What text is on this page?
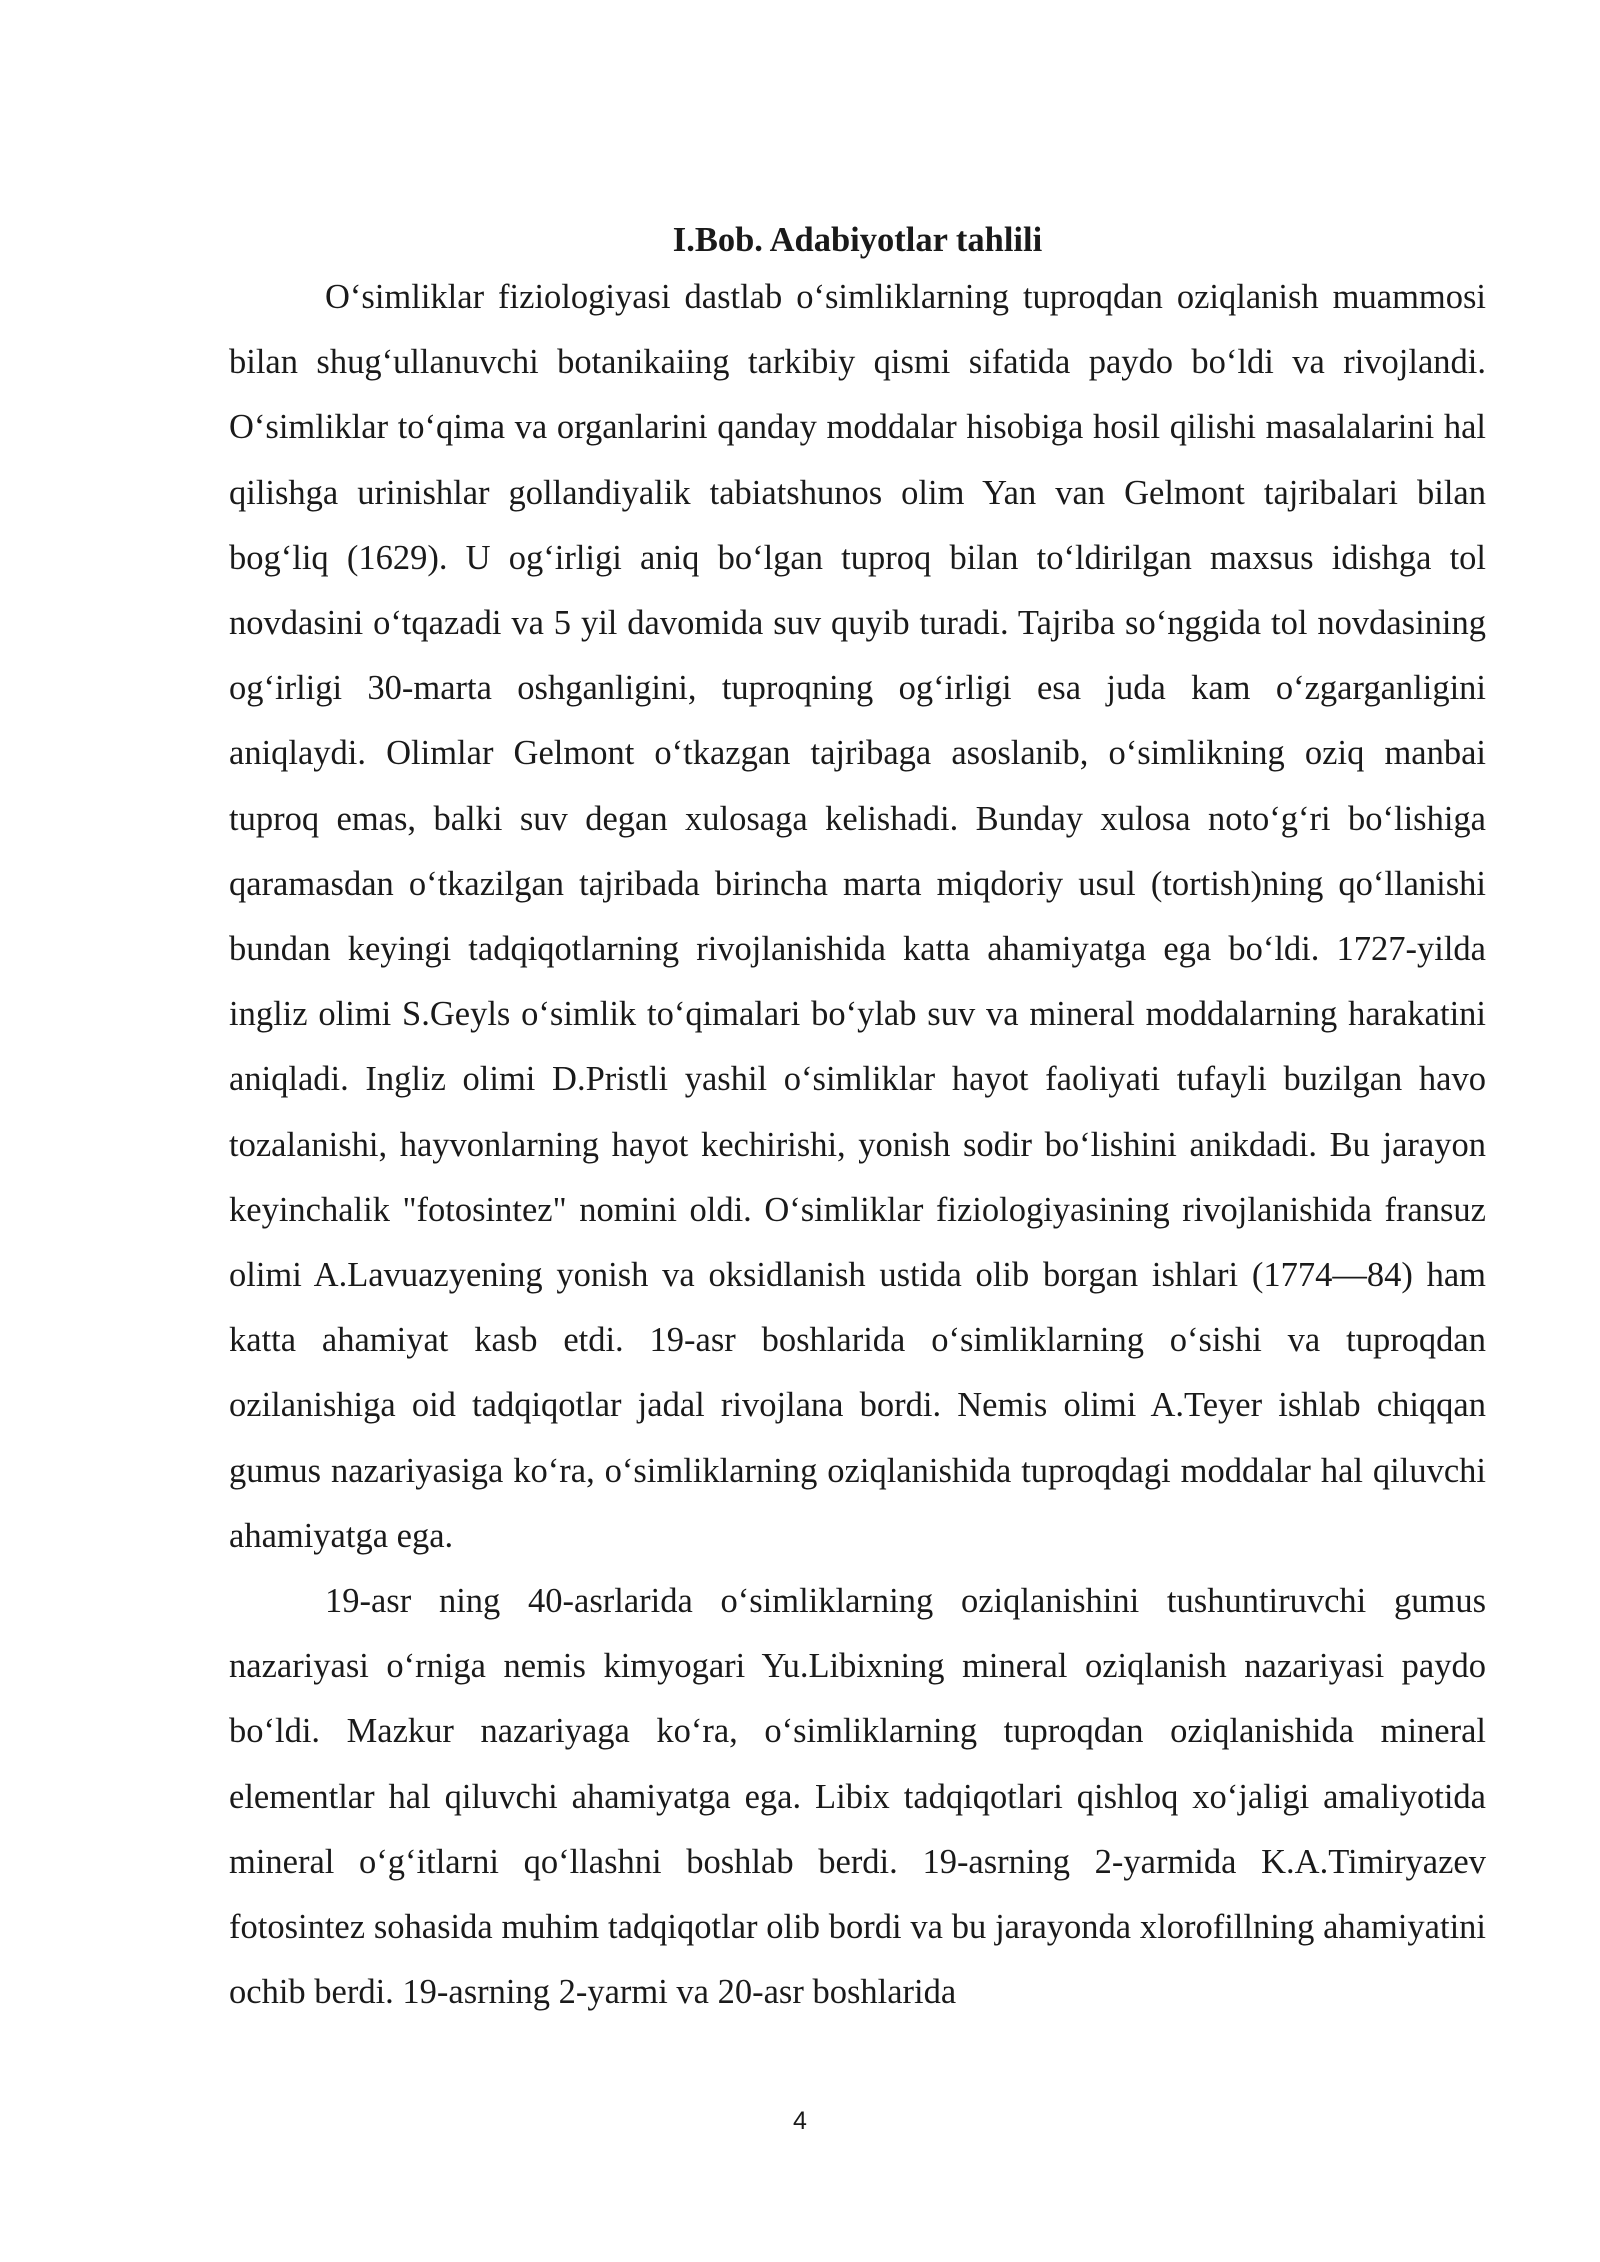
I.Bob. Adabiyotlar tahlili

O‘simliklar fiziologiyasi dastlab o‘simliklarning tuproqdan oziqlanish muammosi bilan shug‘ullanuvchi botanikaiing tarkibiy qismi sifatida paydo bo‘ldi va rivojlandi. O‘simliklar to‘qima va organlarini qanday moddalar hisobiga hosil qilishi masalalarini hal qilishga urinishlar gollandiyalik tabiatshunos olim Yan van Gelmont tajribalari bilan bog‘liq (1629). U og‘irligi aniq bo‘lgan tuproq bilan to‘ldirilgan maxsus idishga tol novdasini o‘tqazadi va 5 yil davomida suv quyib turadi. Tajriba so‘nggida tol novdasining og‘irligi 30-marta oshganligini, tuproqning og‘irligi esa juda kam o‘zgarganligini aniqlaydi. Olimlar Gelmont o‘tkazgan tajribaga asoslanib, o‘simlikning oziq manbai tuproq emas, balki suv degan xulosaga kelishadi. Bunday xulosa noto‘g‘ri bo‘lishiga qaramasdan o‘tkazilgan tajribada birincha marta miqdoriy usul (tortish)ning qo‘llanishi bundan keyingi tadqiqotlarning rivojlanishida katta ahamiyatga ega bo‘ldi. 1727-yilda ingliz olimi S.Geyls o‘simlik to‘qimalari bo‘ylab suv va mineral moddalarning harakatini aniqladi. Ingliz olimi D.Pristli yashil o‘simliklar hayot faoliyati tufayli buzilgan havo tozalanishi, hayvonlarning hayot kechirishi, yonish sodir bo‘lishini anikdadi. Bu jarayon keyinchalik "fotosintez" nomini oldi. O‘simliklar fiziologiyasining rivojlanishida fransuz olimi A.Lavuazyening yonish va oksidlanish ustida olib borgan ishlari (1774—84) ham katta ahamiyat kasb etdi. 19-asr boshlarida o‘simliklarning o‘sishi va tuproqdan ozilanishiga oid tadqiqotlar jadal rivojlana bordi. Nemis olimi A.Teyer ishlab chiqqan gumus nazariyasiga ko‘ra, o‘simliklarning oziqlanishida tuproqdagi moddalar hal qiluvchi ahamiyatga ega.

19-asr ning 40-asrlarida o‘simliklarning oziqlanishini tushuntiruvchi gumus nazariyasi o‘rniga nemis kimyogari Yu.Libixning mineral oziqlanish nazariyasi paydo bo‘ldi. Mazkur nazariyaga ko‘ra, o‘simliklarning tuproqdan oziqlanishida mineral elementlar hal qiluvchi ahamiyatga ega. Libix tadqiqotlari qishloq xo‘jaligi amaliyotida mineral o‘g‘itlarni qo‘llashni boshlab berdi. 19-asrning 2-yarmida K.A.Timiryazev fotosintez sohasida muhim tadqiqotlar olib bordi va bu jarayonda xlorofillning ahamiyatini ochib berdi. 19-asrning 2-yarmi va 20-asr boshlarida

4
